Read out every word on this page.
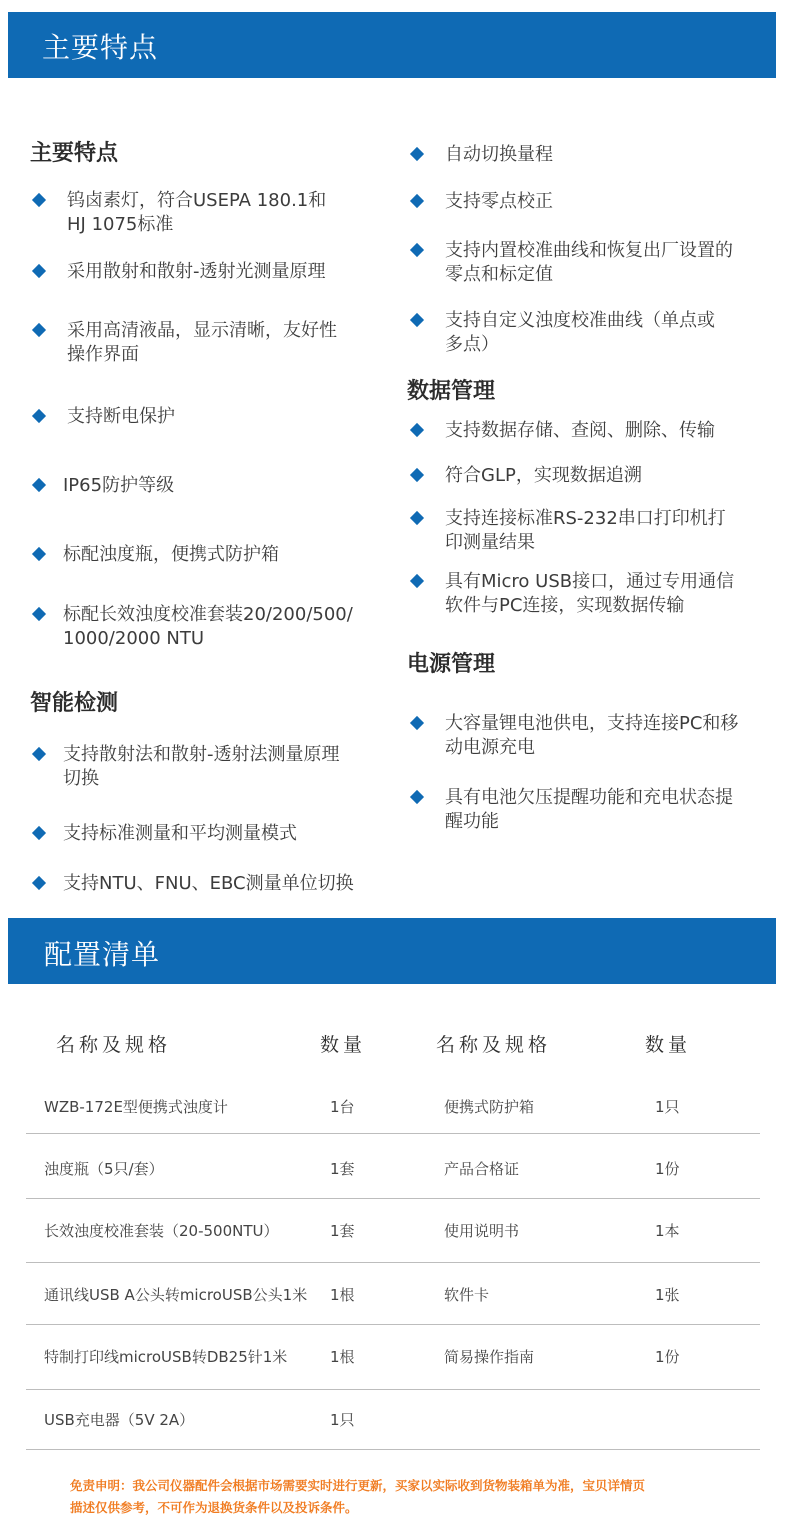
主要特点
主要特点
钨卤素灯，符合USEPA 180.1和
HJ 1075标准
采用散射和散射-透射光测量原理
采用高清液晶，显示清晰，友好性
操作界面
支持断电保护
IP65防护等级
标配浊度瓶，便携式防护箱
标配长效浊度校准套装20/200/500/
1000/2000 NTU
智能检测
支持散射法和散射-透射法测量原理
切换
支持标准测量和平均测量模式
支持NTU、FNU、EBC测量单位切换
自动切换量程
支持零点校正
支持内置校准曲线和恢复出厂设置的
零点和标定值
支持自定义浊度校准曲线（单点或
多点）
数据管理
支持数据存储、查阅、删除、传输
符合GLP，实现数据追溯
支持连接标准RS-232串口打印机打
印测量结果
具有Micro USB接口，通过专用通信
软件与PC连接，实现数据传输
电源管理
大容量锂电池供电，支持连接PC和移
动电源充电
具有电池欠压提醒功能和充电状态提
醒功能
配置清单
名称及规格	数量	名称及规格	数量
WZB-172E型便携式浊度计	1台	便携式防护箱	1只
浊度瓶（5只/套）	1套	产品合格证	1份
长效浊度校准套装（20-500NTU）	1套	使用说明书	1本
通讯线USB A公头转microUSB公头1米 1根	软件卡	1张
特制打印线microUSB转DB25针1米	1根	简易操作指南	1份
USB充电器（5V 2A）	1只
免责申明：我公司仪器配件会根据市场需要实时进行更新，买家以实际收到货物装箱单为准，宝贝详情页
描述仅供参考，不可作为退换货条件以及投诉条件。
